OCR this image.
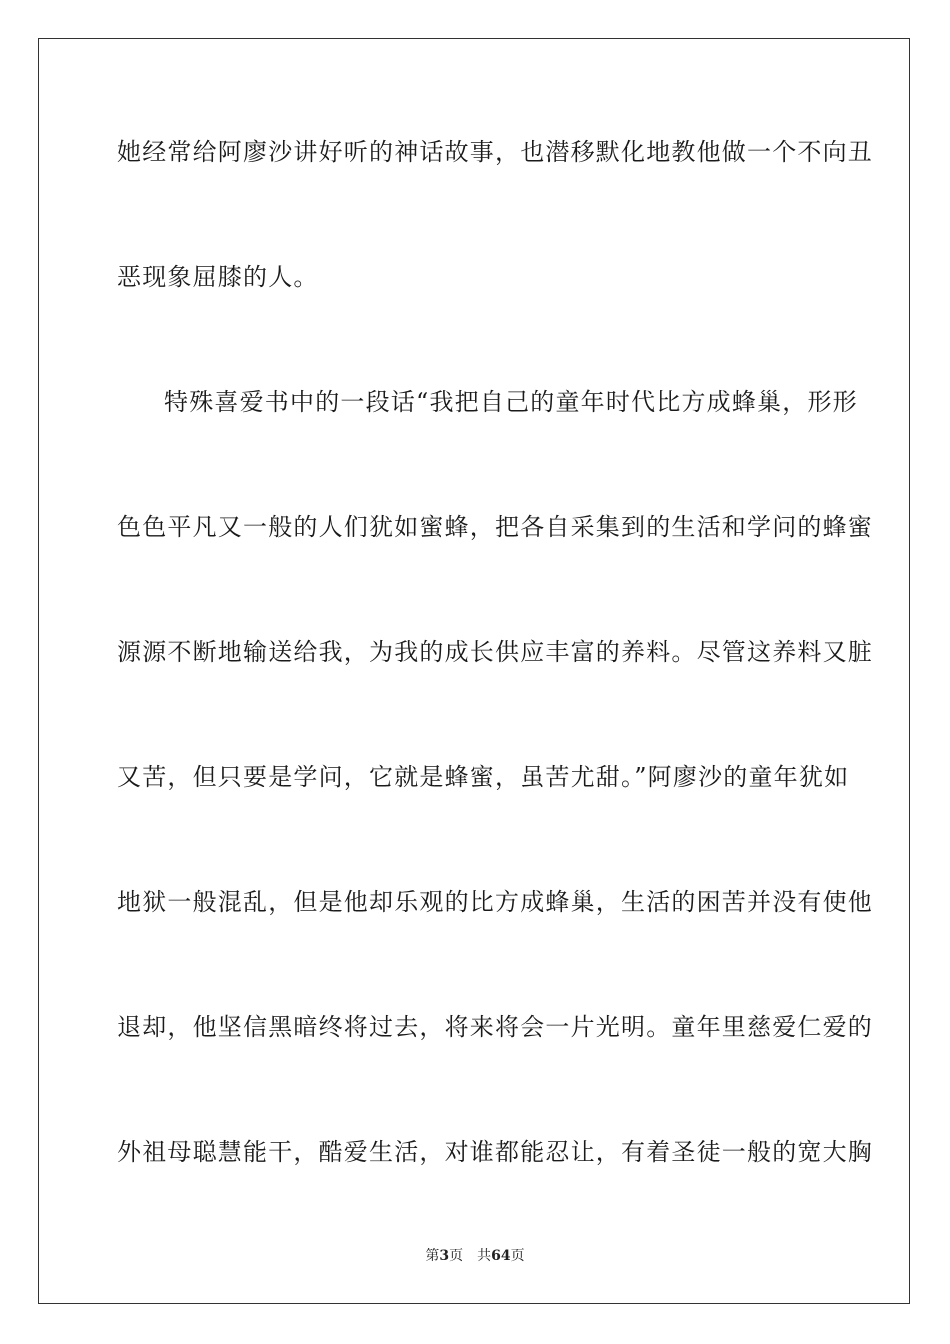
她经常给阿廖沙讲好听的神话故事，也潜移默化地教他做一个不向丑
恶现象屈膝的人。
特殊喜爱书中的一段话“我把自己的童年时代比方成蜂巢，形形
色色平凡又一般的人们犹如蜜蜂，把各自采集到的生活和学问的蜂蜜
源源不断地输送给我，为我的成长供应丰富的养料。尽管这养料又脏
又苦，但只要是学问，它就是蜂蜜，虽苦尤甜。”阿廖沙的童年犹如
地狱一般混乱，但是他却乐观的比方成蜂巢，生活的困苦并没有使他
退却，他坚信黑暗终将过去，将来将会一片光明。童年里慈爱仁爱的
外祖母聪慧能干，酷爱生活，对谁都能忍让，有着圣徒一般的宽大胸
第3页 共64页
